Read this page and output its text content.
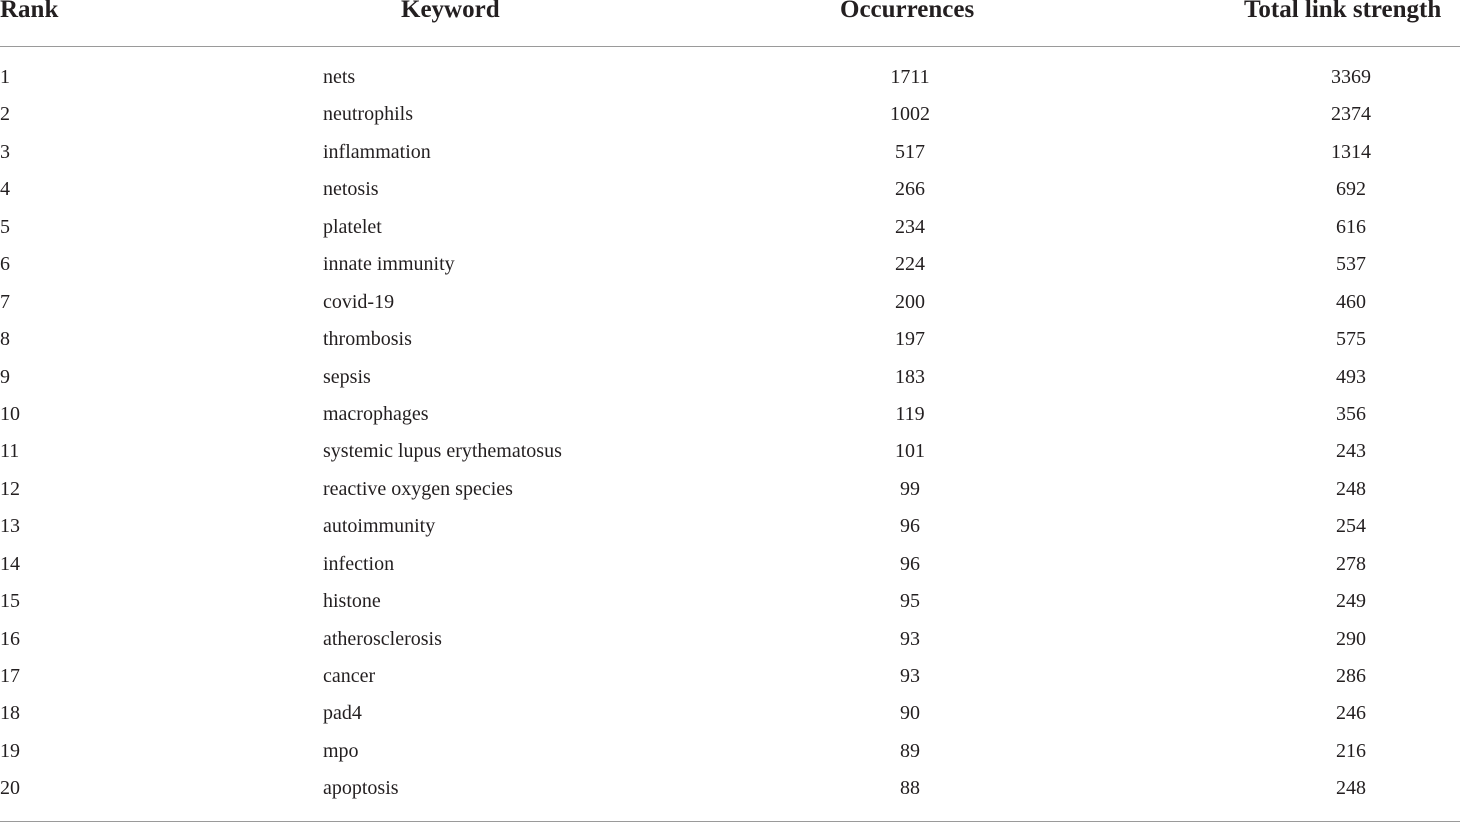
Rank	Keyword	Occurrences	Total link strength
1	nets	1711	3369
2	neutrophils	1002	2374
3	inflammation	517	1314
4	netosis	266	692
5	platelet	234	616
6	innate immunity	224	537
7	covid-19	200	460
8	thrombosis	197	575
9	sepsis	183	493
10	macrophages	119	356
11	systemic lupus erythematosus	101	243
12	reactive oxygen species	99	248
13	autoimmunity	96	254
14	infection	96	278
15	histone	95	249
16	atherosclerosis	93	290
17	cancer	93	286
18	pad4	90	246
19	mpo	89	216
20	apoptosis	88	248
